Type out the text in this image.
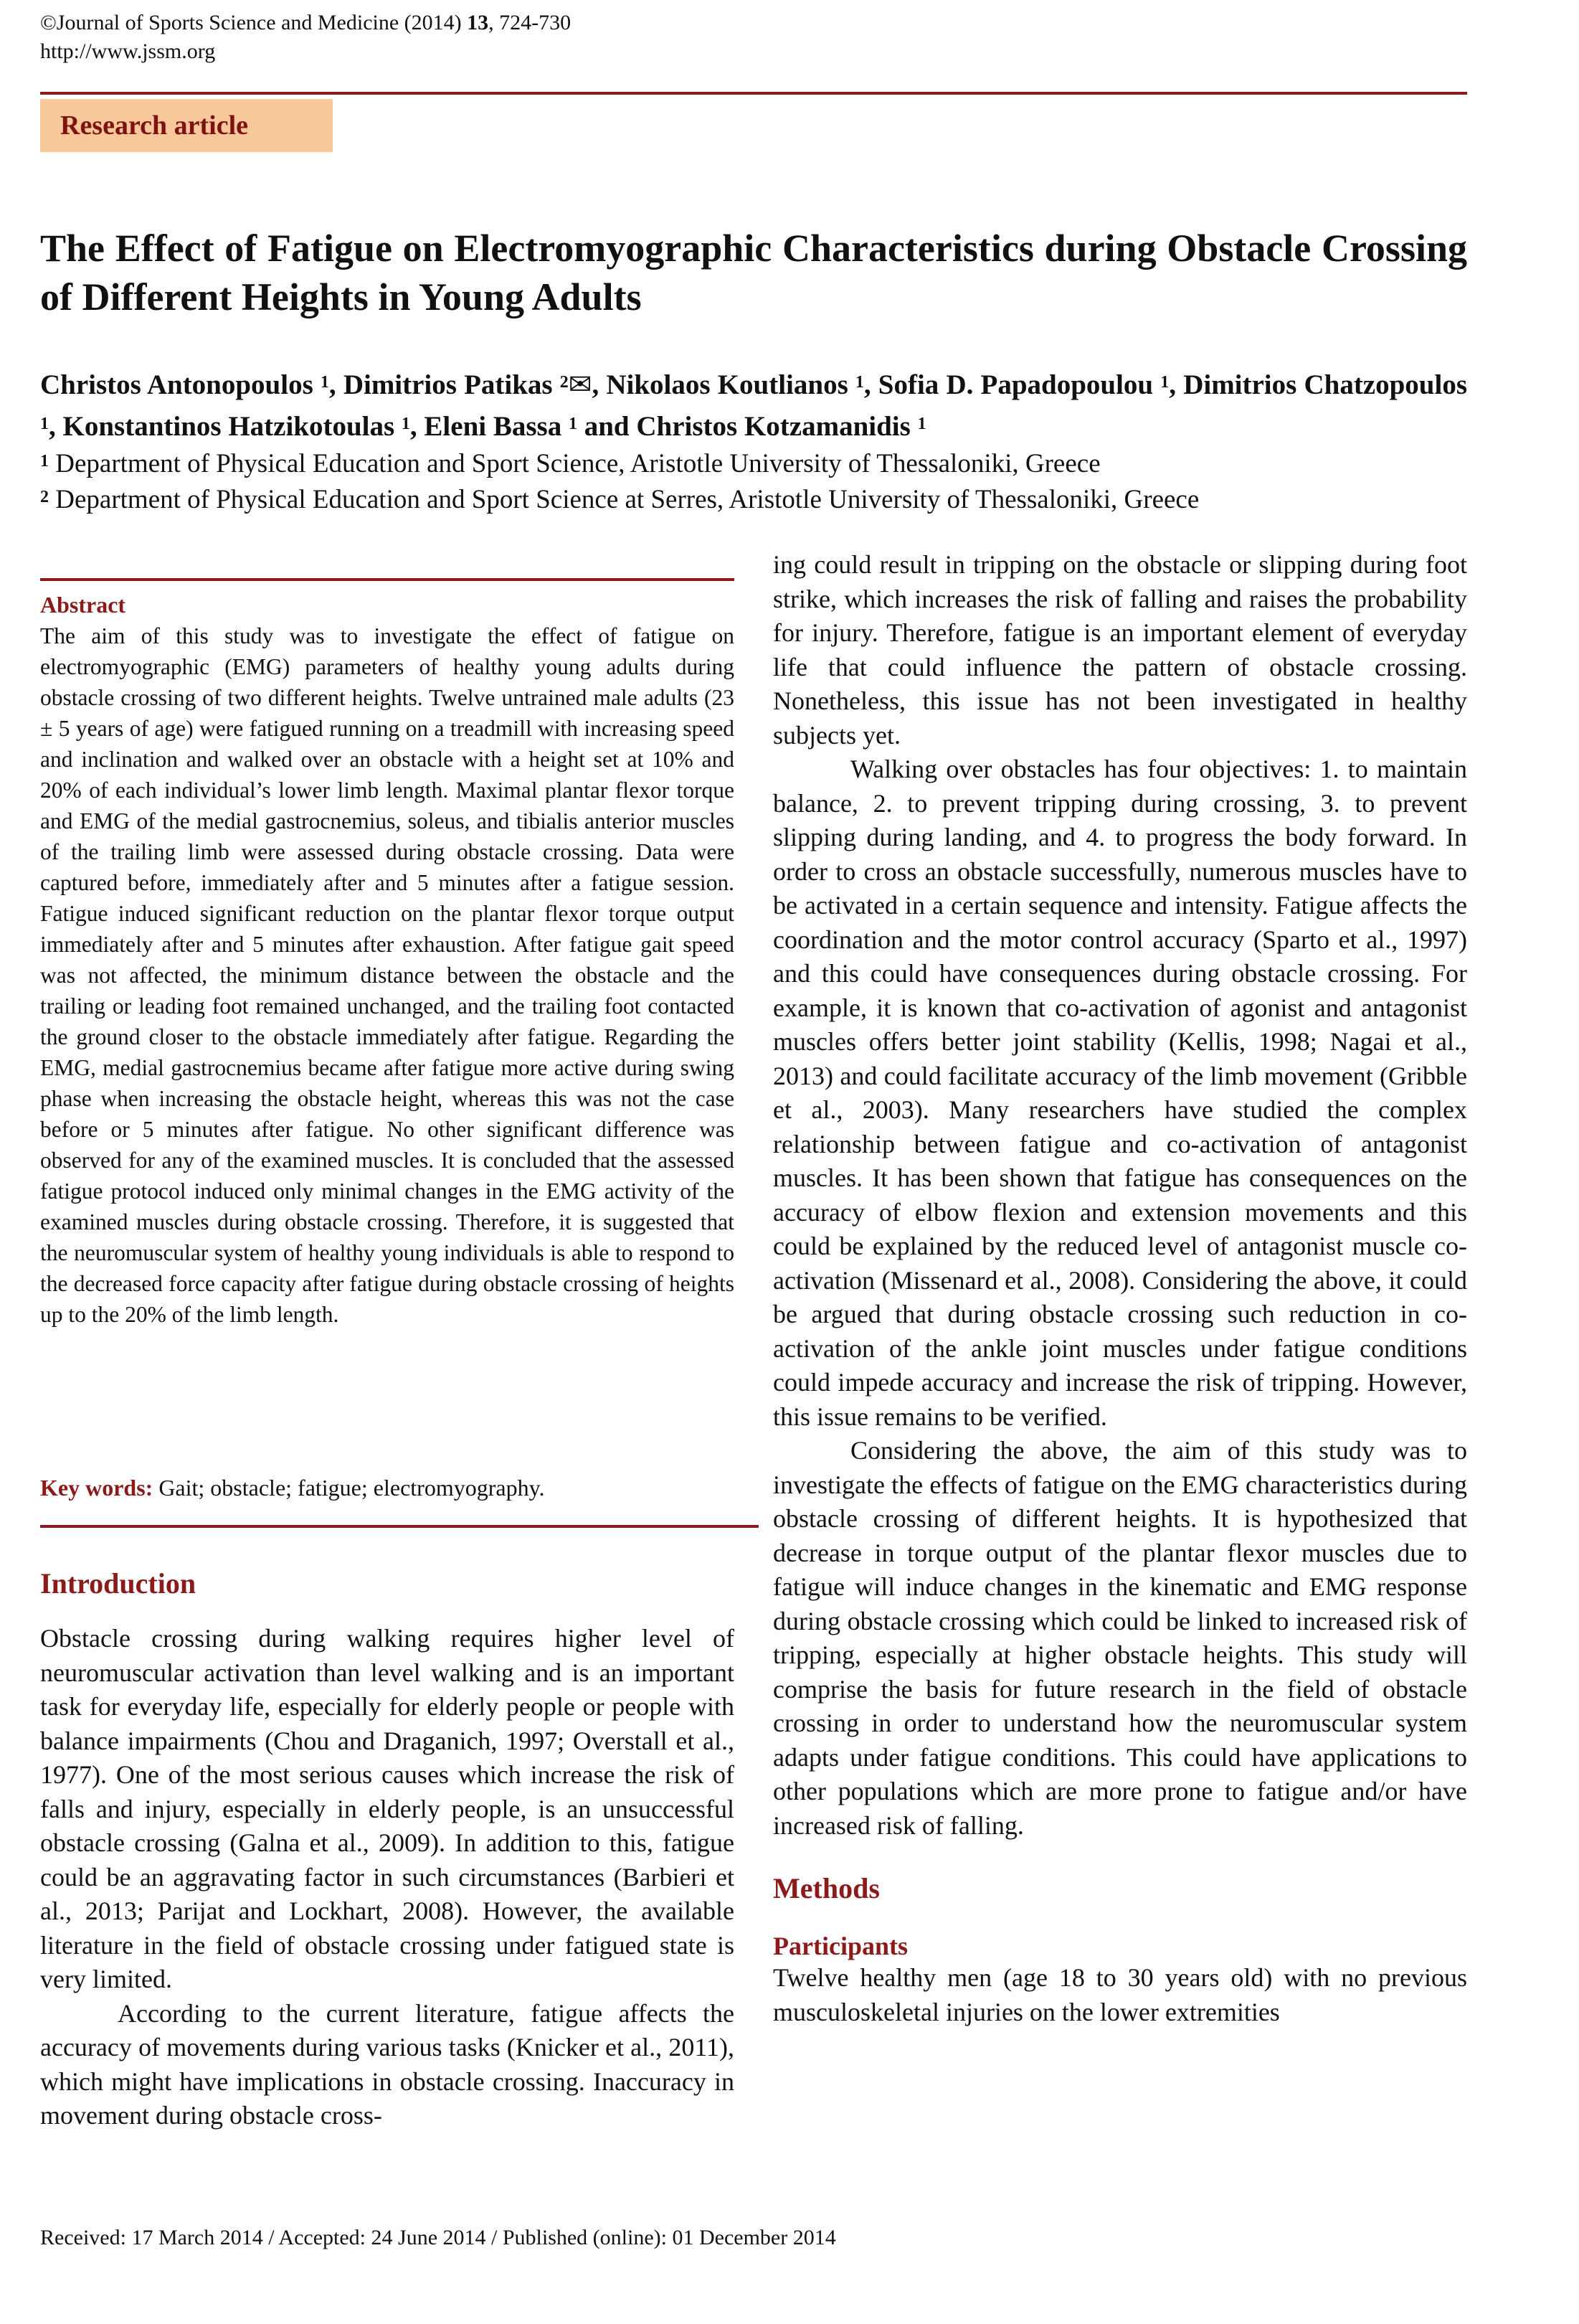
©Journal of Sports Science and Medicine (2014) 13, 724-730
http://www.jssm.org
Research article
The Effect of Fatigue on Electromyographic Characteristics during Obstacle Crossing of Different Heights in Young Adults
Christos Antonopoulos $^1$, Dimitrios Patikas $^2$✉, Nikolaos Koutlianos $^1$, Sofia D. Papadopoulou $^1$, Dimitrios Chatzopoulos $^1$, Konstantinos Hatzikotoulas $^1$, Eleni Bassa $^1$ and Christos Kotzamanidis $^1$
$^1$ Department of Physical Education and Sport Science, Aristotle University of Thessaloniki, Greece
$^2$ Department of Physical Education and Sport Science at Serres, Aristotle University of Thessaloniki, Greece
Abstract
The aim of this study was to investigate the effect of fatigue on electromyographic (EMG) parameters of healthy young adults during obstacle crossing of two different heights. Twelve untrained male adults (23 ± 5 years of age) were fatigued running on a treadmill with increasing speed and inclination and walked over an obstacle with a height set at 10% and 20% of each individual’s lower limb length. Maximal plantar flexor torque and EMG of the medial gastrocnemius, soleus, and tibialis anterior muscles of the trailing limb were assessed during obstacle crossing. Data were captured before, immediately after and 5 minutes after a fatigue session. Fatigue induced significant reduction on the plantar flexor torque output immediately after and 5 minutes after exhaustion. After fatigue gait speed was not affected, the minimum distance between the obstacle and the trailing or leading foot remained unchanged, and the trailing foot contacted the ground closer to the obstacle immediately after fatigue. Regarding the EMG, medial gastrocnemius became after fatigue more active during swing phase when increasing the obstacle height, whereas this was not the case before or 5 minutes after fatigue. No other significant difference was observed for any of the examined muscles. It is concluded that the assessed fatigue protocol induced only minimal changes in the EMG activity of the examined muscles during obstacle crossing. Therefore, it is suggested that the neuromuscular system of healthy young individuals is able to respond to the decreased force capacity after fatigue during obstacle crossing of heights up to the 20% of the limb length.
Key words: Gait; obstacle; fatigue; electromyography.
Introduction

Obstacle crossing during walking requires higher level of neuromuscular activation than level walking and is an important task for everyday life, especially for elderly people or people with balance impairments (Chou and Draganich, 1997; Overstall et al., 1977). One of the most serious causes which increase the risk of falls and injury, especially in elderly people, is an unsuccessful obstacle crossing (Galna et al., 2009). In addition to this, fatigue could be an aggravating factor in such circumstances (Barbieri et al., 2013; Parijat and Lockhart, 2008). However, the available literature in the field of obstacle crossing under fatigued state is very limited.

According to the current literature, fatigue affects the accuracy of movements during various tasks (Knicker et al., 2011), which might have implications in obstacle crossing. Inaccuracy in movement during obstacle cross-

ing could result in tripping on the obstacle or slipping during foot strike, which increases the risk of falling and raises the probability for injury. Therefore, fatigue is an important element of everyday life that could influence the pattern of obstacle crossing. Nonetheless, this issue has not been investigated in healthy subjects yet.

Walking over obstacles has four objectives: 1. to maintain balance, 2. to prevent tripping during crossing, 3. to prevent slipping during landing, and 4. to progress the body forward. In order to cross an obstacle successfully, numerous muscles have to be activated in a certain sequence and intensity. Fatigue affects the coordination and the motor control accuracy (Sparto et al., 1997) and this could have consequences during obstacle crossing. For example, it is known that co-activation of agonist and antagonist muscles offers better joint stability (Kellis, 1998; Nagai et al., 2013) and could facilitate accuracy of the limb movement (Gribble et al., 2003). Many researchers have studied the complex relationship between fatigue and co-activation of antagonist muscles. It has been shown that fatigue has consequences on the accuracy of elbow flexion and extension movements and this could be explained by the reduced level of antagonist muscle co-activation (Missenard et al., 2008). Considering the above, it could be argued that during obstacle crossing such reduction in co-activation of the ankle joint muscles under fatigue conditions could impede accuracy and increase the risk of tripping. However, this issue remains to be verified.

Considering the above, the aim of this study was to investigate the effects of fatigue on the EMG characteristics during obstacle crossing of different heights. It is hypothesized that decrease in torque output of the plantar flexor muscles due to fatigue will induce changes in the kinematic and EMG response during obstacle crossing which could be linked to increased risk of tripping, especially at higher obstacle heights. This study will comprise the basis for future research in the field of obstacle crossing in order to understand how the neuromuscular system adapts under fatigue conditions. This could have applications to other populations which are more prone to fatigue and/or have increased risk of falling.

Methods
Participants

Twelve healthy men (age 18 to 30 years old) with no previous musculoskeletal injuries on the lower extremities

Received: 17 March 2014 / Accepted: 24 June 2014 / Published (online): 01 December 2014
